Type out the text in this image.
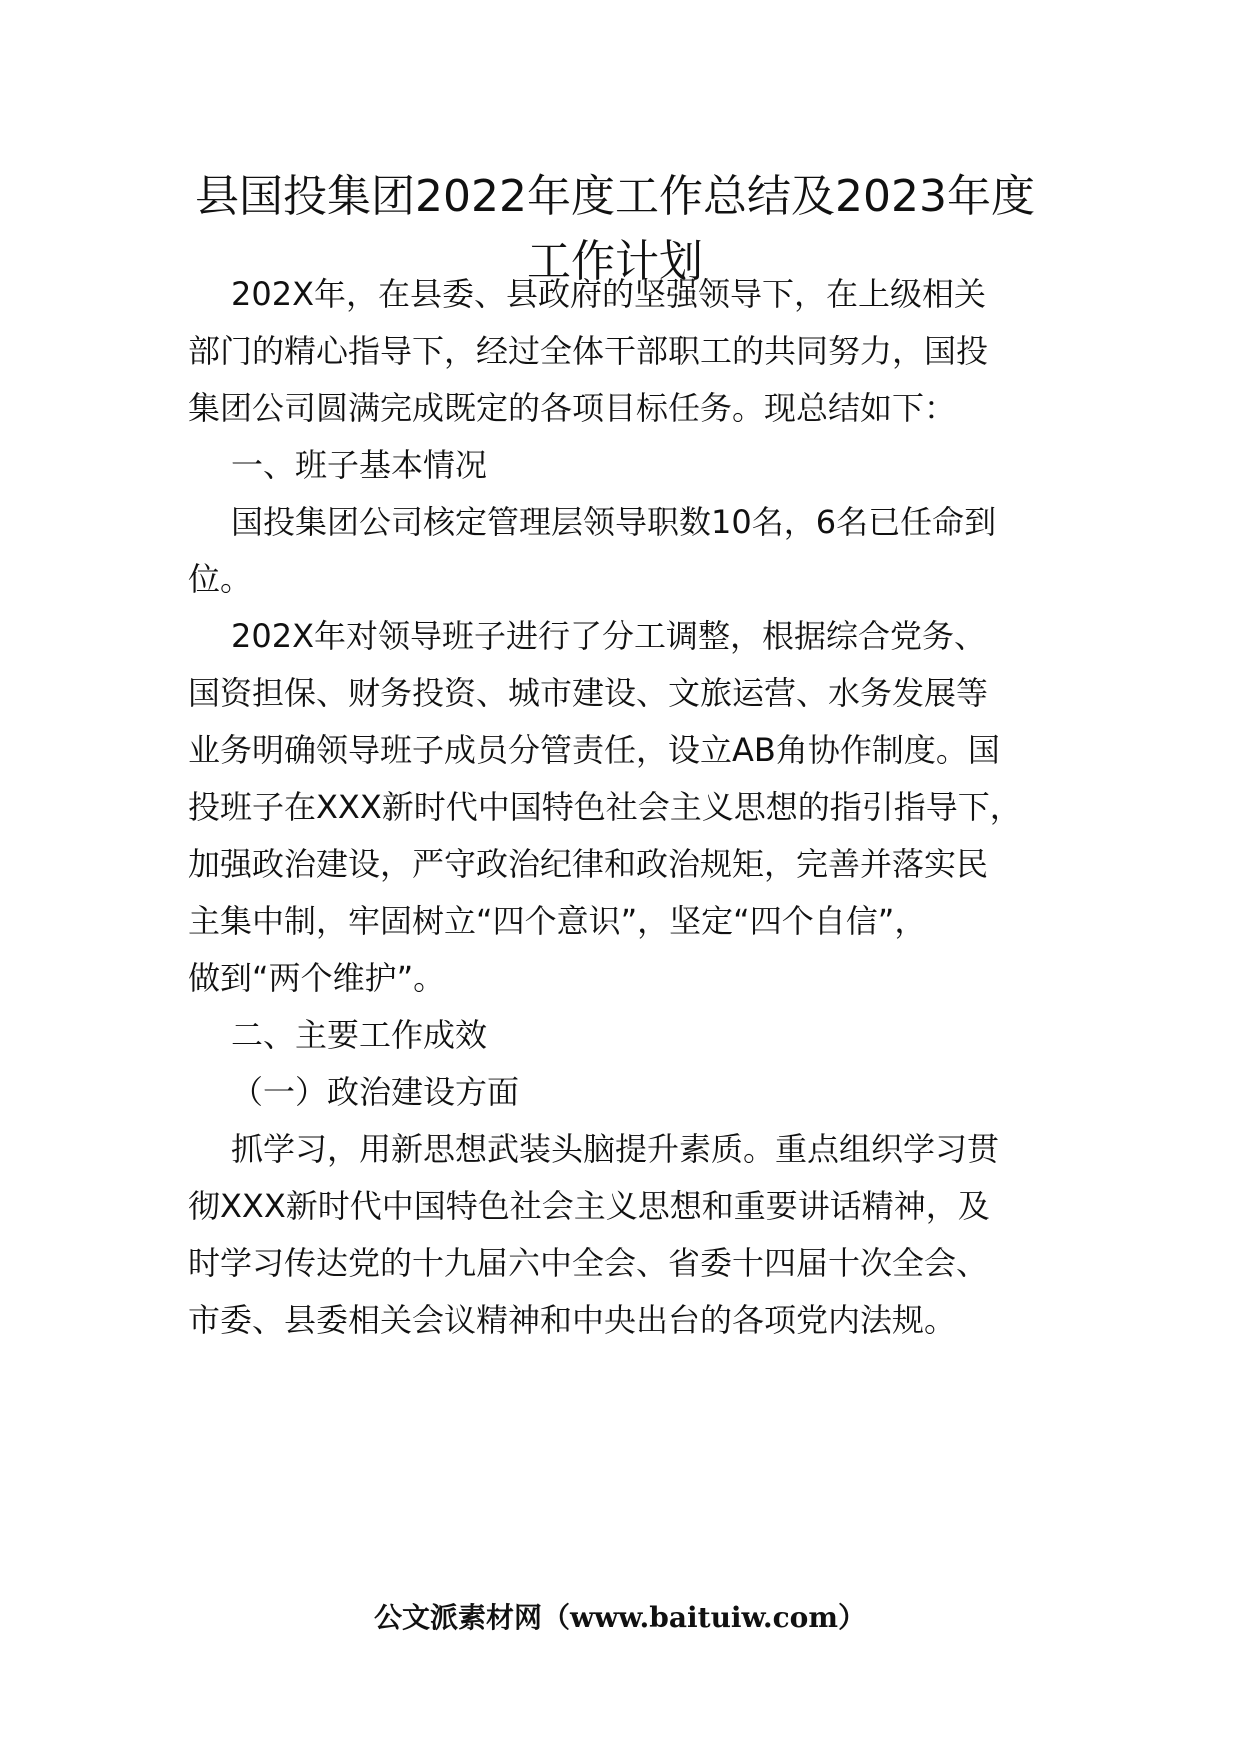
县国投集团2022年度工作总结及2023年度
工作计划
202X年，在县委、县政府的坚强领导下，在上级相关
部门的精心指导下，经过全体干部职工的共同努力，国投
集团公司圆满完成既定的各项目标任务。现总结如下：
一、班子基本情况
国投集团公司核定管理层领导职数10名，6名已任命到
位。
202X年对领导班子进行了分工调整，根据综合党务、
国资担保、财务投资、城市建设、文旅运营、水务发展等
业务明确领导班子成员分管责任，设立AB角协作制度。国
投班子在XXX新时代中国特色社会主义思想的指引指导下，
加强政治建设，严守政治纪律和政治规矩，完善并落实民
主集中制，牢固树立“四个意识”，坚定“四个自信”，
做到“两个维护”。
二、主要工作成效
（一）政治建设方面
抓学习，用新思想武装头脑提升素质。重点组织学习贯
彻XXX新时代中国特色社会主义思想和重要讲话精神，及
时学习传达党的十九届六中全会、省委十四届十次全会、
市委、县委相关会议精神和中央出台的各项党内法规。
公文派素材网（www.baituiw.com）
